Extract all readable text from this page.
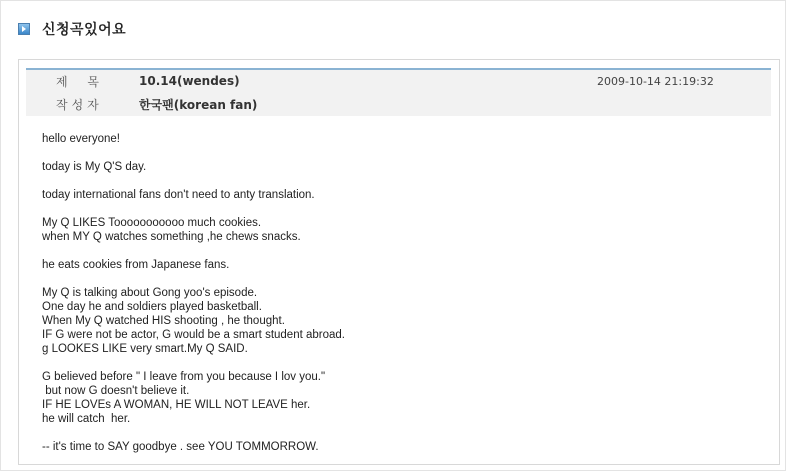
신청곡있어요
제 목	10.14(wendes)	2009-10-14 21:19:32
작성자	한국팬(korean fan)
hello everyone!
today is My Q'S day.
today international fans don't need to anty translation.
My Q LIKES Tooooooooooo much cookies.
when MY Q watches something ,he chews snacks.
he eats cookies from Japanese fans.
My Q is talking about Gong yoo's episode.
One day he and soldiers played basketball.
When My Q watched HIS shooting , he thought.
IF G were not be actor, G would be a smart student abroad.
g LOOKES LIKE very smart.My Q SAID.
G believed before " I leave from you because I lov you."
but now G doesn't believe it.
IF HE LOVEs A WOMAN, HE WILL NOT LEAVE her.
he will catch  her.
-- it's time to SAY goodbye . see YOU TOMMORROW.
